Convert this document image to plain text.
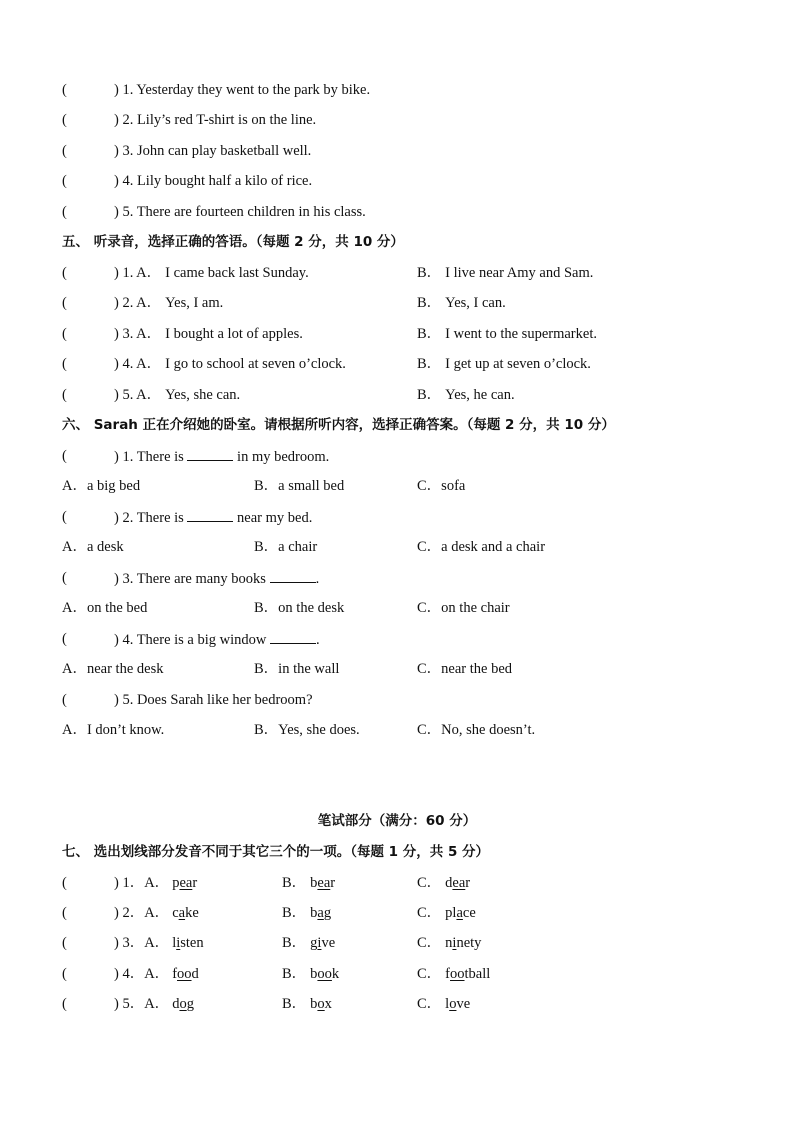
(	) 1. Yesterday they went to the park by bike.
(	) 2. Lily’s red T-shirt is on the line.
(	) 3. John can play basketball well.
(	) 4. Lily bought half a kilo of rice.
(	) 5. There are fourteen children in his class.
五、 听录音，选择正确的答语。（每题 2 分，共 10 分）
(	) 1. A． I came back last Sunday.	B． I live near Amy and Sam.
(	) 2. A． Yes, I am.	B． Yes, I can.
(	) 3. A． I bought a lot of apples.	B． I went to the supermarket.
(	) 4. A． I go to school at seven o’clock.	B． I get up at seven o’clock.
(	) 5. A． Yes, she can.	B． Yes, he can.
六、 Sarah 正在介绍她的卧室。请根据所听内容，选择正确答案。（每题 2 分，共 10 分）
(	) 1. There is	in my bedroom.
A．a big bed	B．a small bed	C．sofa
(	) 2. There is	near my bed.
A．a desk	B．a chair	C．a desk and a chair
(	) 3. There are many books	.
A．on the bed	B．on the desk	C．on the chair
(	) 4. There is a big window	.
A．near the desk	B．in the wall	C．near the bed
(	) 5. Does Sarah like her bedroom?
A．I don’t know.	B．Yes, she does.	C．No, she doesn’t.
笔试部分（满分：60 分）
七、 选出划线部分发音不同于其它三个的一项。（每题 1 分，共 5 分）
(	) 1．A． pear	B． bear	C． dear
(	) 2．A． cake	B． bag	C． place
(	) 3．A． listen	B． give	C． ninety
(	) 4．A． food	B． book	C． football
(	) 5．A． dog	B． box	C． love
